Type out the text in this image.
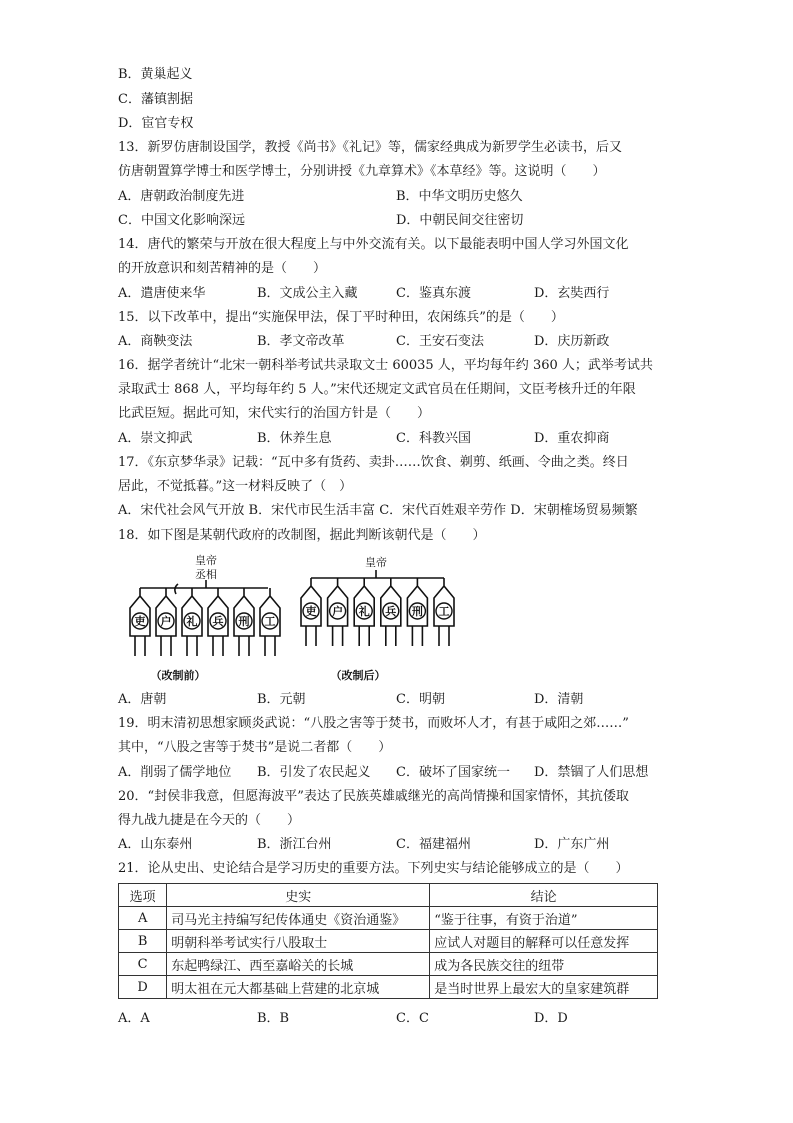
B．黄巢起义
C．藩镇割据
D．宦官专权
13．新罗仿唐制设国学，教授《尚书》《礼记》等，儒家经典成为新罗学生必读书，后又
仿唐朝置算学博士和医学博士，分别讲授《九章算术》《本草经》等。这说明（　　）
A．唐朝政治制度先进	B．中华文明历史悠久
C．中国文化影响深远	D．中朝民间交往密切
14．唐代的繁荣与开放在很大程度上与中外交流有关。以下最能表明中国人学习外国文化
的开放意识和刻苦精神的是（　　）
A．遣唐使来华	B．文成公主入藏	C．鉴真东渡	D．玄奘西行
15．以下改革中，提出“实施保甲法，保丁平时种田，农闲练兵”的是（　　）
A．商鞅变法	B．孝文帝改革	C．王安石变法	D．庆历新政
16．据学者统计“北宋一朝科举考试共录取文士 60035 人，平均每年约 360 人；武举考试共
录取武士 868 人，平均每年约 5 人。”宋代还规定文武官员在任期间，文臣考核升迁的年限
比武臣短。据此可知，宋代实行的治国方针是（　　）
A．崇文抑武	B．休养生息	C．科教兴国	D．重农抑商
17．《东京梦华录》记载：“瓦中多有货药、卖卦……饮食、剃剪、纸画、令曲之类。终日
居此，不觉抵暮。”这一材料反映了（　）
A．宋代社会风气开放 B．宋代市民生活丰富 C．宋代百姓艰辛劳作 D．宋朝榷场贸易频繁
18．如下图是某朝代政府的改制图，据此判断该朝代是（　　）
皇帝
丞相
吏 户 礼 兵 刑 工
皇帝
吏 户 礼 兵 刑 工
（改制前）	（改制后）
A．唐朝	B．元朝	C．明朝	D．清朝
19．明末清初思想家顾炎武说：“八股之害等于焚书，而败坏人才，有甚于咸阳之郊……”
其中，“八股之害等于焚书”是说二者都（　　）
A．削弱了儒学地位 B．引发了农民起义 C．破坏了国家统一 D．禁锢了人们思想
20．“封侯非我意，但愿海波平”表达了民族英雄戚继光的高尚情操和国家情怀，其抗倭取
得九战九捷是在今天的（　　）
A．山东泰州	B．浙江台州	C．福建福州	D．广东广州
21．论从史出、史论结合是学习历史的重要方法。下列史实与结论能够成立的是（　　）
选项	史实	结论
A	司马光主持编写纪传体通史《资治通鉴》	“鉴于往事，有资于治道”
B	明朝科举考试实行八股取士	应试人对题目的解释可以任意发挥
C	东起鸭绿江、西至嘉峪关的长城	成为各民族交往的纽带
D	明太祖在元大都基础上营建的北京城	是当时世界上最宏大的皇家建筑群
A．A	B．B	C．C	D．D
